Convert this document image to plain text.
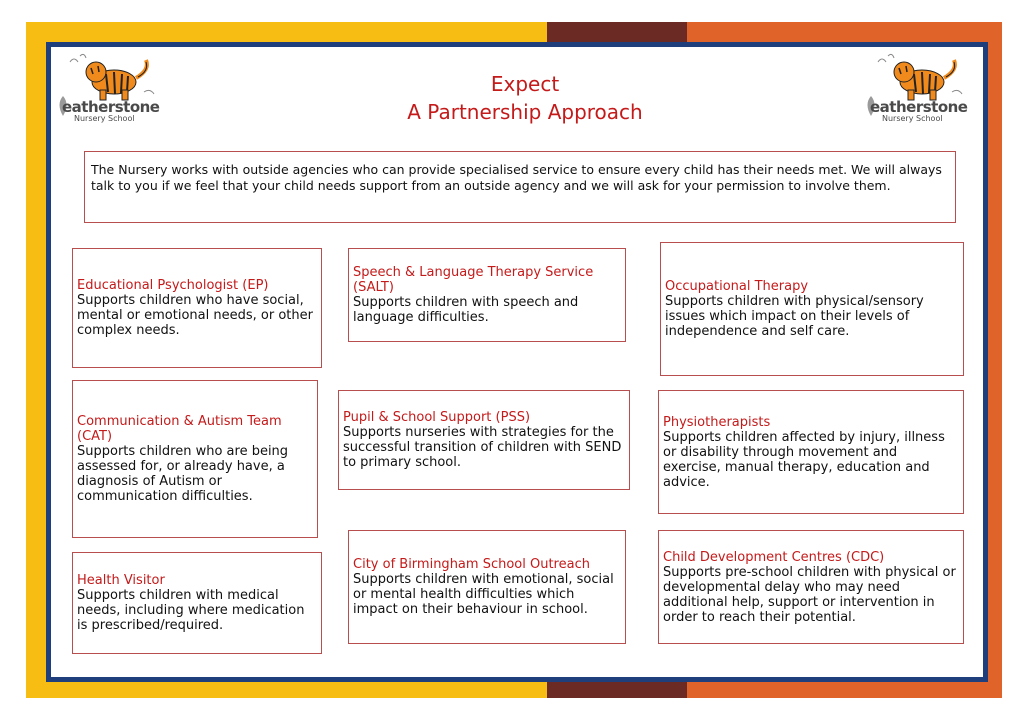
eatherstone
Nursery School
eatherstone
Nursery School
Expect
A Partnership Approach
The Nursery works with outside agencies who can provide specialised service to ensure every child has their needs met. We will always talk to you if we feel that your child needs support from an outside agency and we will ask for your permission to involve them.
Educational Psychologist (EP)
Supports children who have social, mental or emotional needs, or other complex needs.
Speech & Language Therapy Service (SALT)
Supports children with speech and language difficulties.
Occupational Therapy
Supports children with physical/sensory issues which impact on their levels of independence and self care.
Communication & Autism Team (CAT)
Supports children who are being assessed for, or already have, a diagnosis of Autism or communication difficulties.
Pupil & School Support (PSS)
Supports nurseries with strategies for the successful transition of children with SEND to primary school.
Physiotherapists
Supports children affected by injury, illness or disability through movement and exercise, manual therapy, education and advice.
Health Visitor
Supports children with medical needs, including where medication is prescribed/required.
City of Birmingham School Outreach
Supports children with emotional, social or mental health difficulties which impact on their behaviour in school.
Child Development Centres (CDC)
Supports pre-school children with physical or developmental delay who may need additional help, support or intervention in order to reach their potential.
